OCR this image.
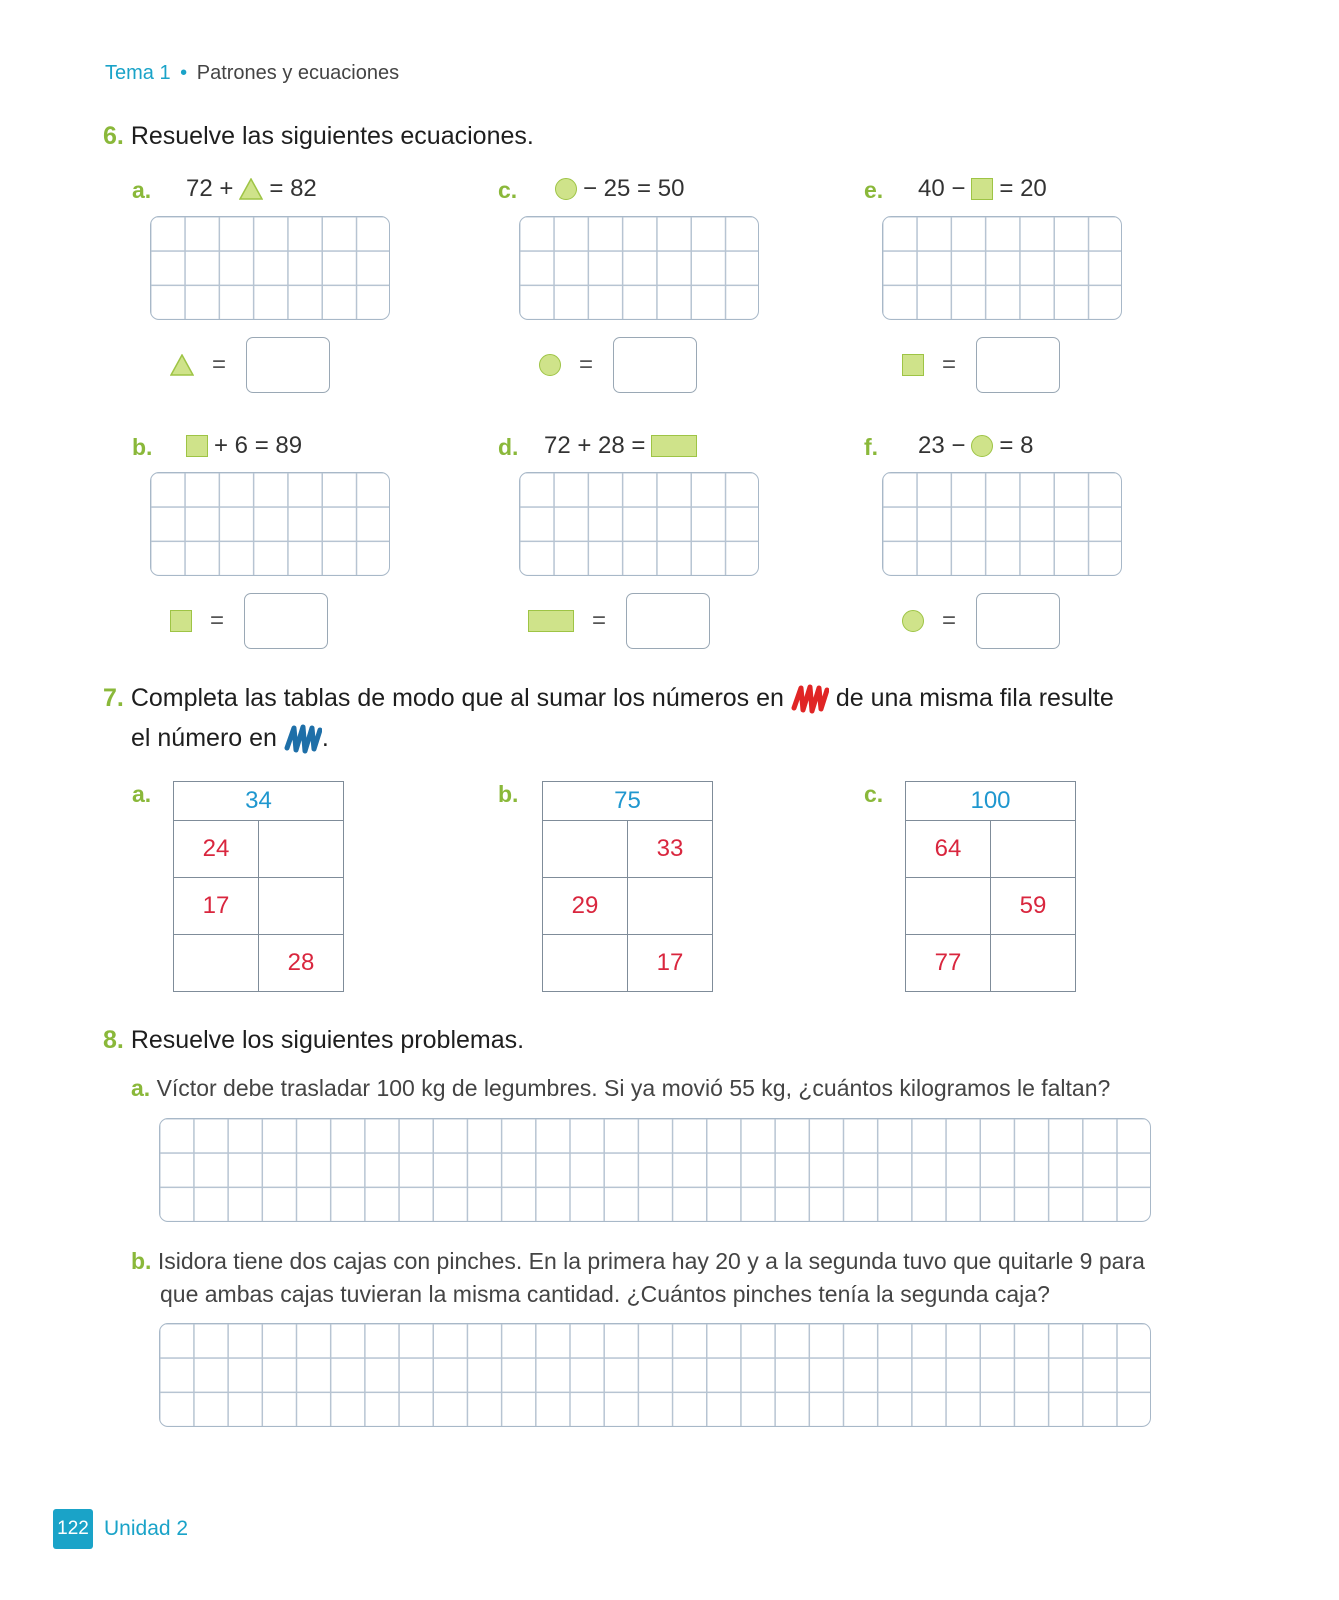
Tema 1 • Patrones y ecuaciones
6. Resuelve las siguientes ecuaciones.
a. 72 + = 82
=
b.	+ 6 = 89
=
c.	− 25 = 50
=
d. 72 + 28 =
=
e. 40 − = 20
=
f. 23 − = 8
=
7. Completa las tablas de modo que al sumar los números en de una misma fila resulte
el número en .
a.	34	
24	
17	
	28
b.	75	
	33
29	
	17
c.	100	
64	
	59
77	
8. Resuelve los siguientes problemas.
a. Víctor debe trasladar 100 kg de legumbres. Si ya movió 55 kg, ¿cuántos kilogramos le faltan?
b. Isidora tiene dos cajas con pinches. En la primera hay 20 y a la segunda tuvo que quitarle 9 para
que ambas cajas tuvieran la misma cantidad. ¿Cuántos pinches tenía la segunda caja?
122 Unidad 2
